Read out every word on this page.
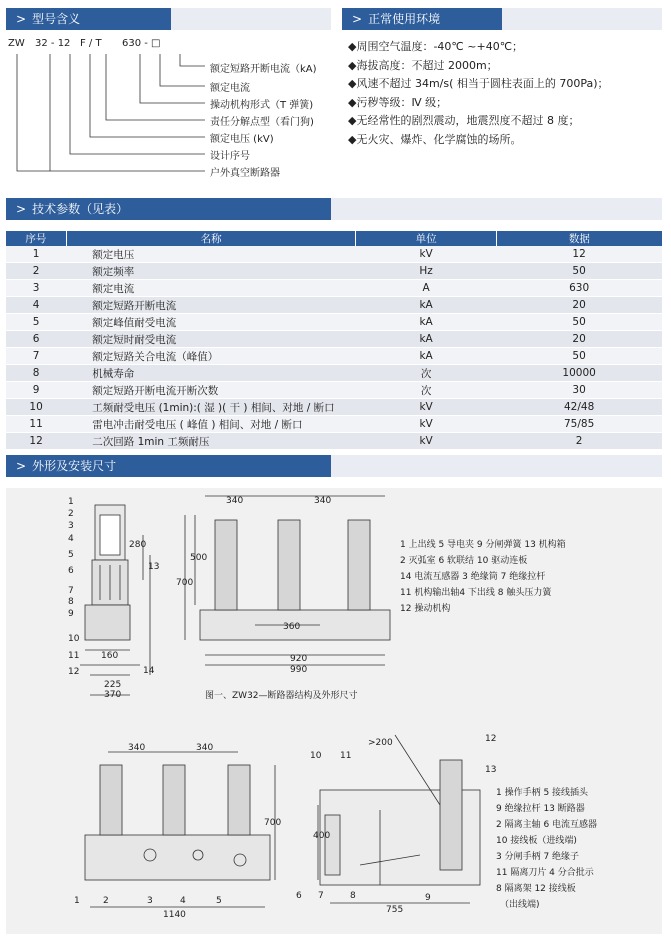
> 型号含义	> 正常使用环境
ZW 32 - 12 F / T 630 - □
额定短路开断电流（kA)
额定电流
操动机构形式（T 弹簧)
责任分解点型（看门狗)
额定电压 (kV)
设计序号
户外真空断路器
◆周围空气温度：-40℃ ~+40℃；
◆海拔高度：不超过 2000m；
◆风速不超过 34m/s( 相当于圆柱表面上的 700Pa)；
◆污秽等级：Ⅳ 级；
◆无经常性的剧烈震动，地震烈度不超过 8 度；
◆无火灾、爆炸、化学腐蚀的场所。
> 技术参数（见表）
序号	名称	单位	数据
1	额定电压	kV	12
2	额定频率	Hz	50
3	额定电流	A	630
4	额定短路开断电流	kA	20
5	额定峰值耐受电流	kA	50
6	额定短时耐受电流	kA	20
7	额定短路关合电流（峰值）	kA	50
8	机械寿命	次	10000
9	额定短路开断电流开断次数	次	30
10	工频耐受电压 (1min):( 湿 )( 干 ) 相间、对地 / 断口	kV	42/48
11	雷电冲击耐受电压 ( 峰值 ) 相间、对地 / 断口	kV	75/85
12	二次回路 1min 工频耐压	kV	2
> 外形及安装尺寸
1
2
3
4
5
6
7
8
9
10
11
12
13
14
280
160
225
370
340	340
500
700
360
920
990
1 上出线 5 导电夹 9 分闸弹簧 13 机构箱
2 灭弧室 6 软联结 10 驱动连板
14 电流互感器 3 绝缘筒 7 绝缘拉杆
11 机构输出轴4 下出线 8 触头压力簧
12 操动机构
图一、ZW32—断路器结构及外形尺寸
340	340
700
1140
400
755
>200
1	2	3	4	5	6 7	8	9
10 11
12
13
1 操作手柄 5 接线插头
9 绝缘拉杆 13 断路器
2 隔离主轴 6 电流互感器
10 接线板（进线端)
3 分闸手柄 7 绝缘子
11 隔离刀片 4 分合批示
8 隔离架 12 接线板
（出线端)
